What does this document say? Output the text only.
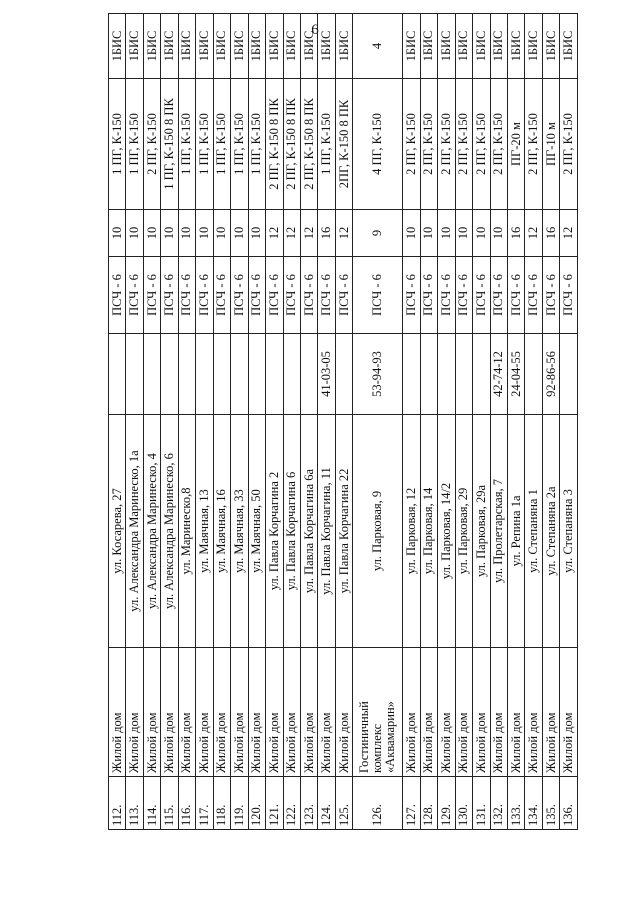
6
112.	Жилой дом	ул. Косарева, 27		ПСЧ - 6	10	1 ПГ, К-150	1БИС
113.	Жилой дом	ул. Александра Маринеско, 1а		ПСЧ - 6	10	1 ПГ, К-150	1БИС
114.	Жилой дом	ул. Александра Маринеско, 4		ПСЧ - 6	10	2 ПГ, К-150	1БИС
115.	Жилой дом	ул. Александра Маринеско, 6		ПСЧ - 6	10	1 ПГ, К-150 8 ПК	1БИС
116.	Жилой дом	ул. Маринеско,8		ПСЧ - 6	10	1 ПГ, К-150	1БИС
117.	Жилой дом	ул. Маячная, 13		ПСЧ - 6	10	1 ПГ, К-150	1БИС
118.	Жилой дом	ул. Маячная, 16		ПСЧ - 6	10	1 ПГ, К-150	1БИС
119.	Жилой дом	ул. Маячная, 33		ПСЧ - 6	10	1 ПГ, К-150	1БИС
120.	Жилой дом	ул. Маячная, 50		ПСЧ - 6	10	1 ПГ, К-150	1БИС
121.	Жилой дом	ул. Павла Корчагина 2		ПСЧ - 6	12	2 ПГ, К-150 8 ПК	1БИС
122.	Жилой дом	ул. Павла Корчагина 6		ПСЧ - 6	12	2 ПГ, К-150 8 ПК	1БИС
123.	Жилой дом	ул. Павла Корчагина 6а		ПСЧ - 6	12	2 ПГ, К-150 8 ПК	1БИС
124.	Жилой дом	ул. Павла Корчагина, 11	41-03-05	ПСЧ - 6	16	1 ПГ, К-150	1БИС
125.	Жилой дом	ул. Павла Корчагина 22		ПСЧ - 6	12	2ПГ, К-150 8 ПК	1БИС
126.	Гостиничный комплекс «Аквамарин»	ул. Парковая, 9	53-94-93	ПСЧ - 6	9	4 ПГ, К-150	4
127.	Жилой дом	ул. Парковая, 12		ПСЧ - 6	10	2 ПГ, К-150	1БИС
128.	Жилой дом	ул. Парковая, 14		ПСЧ - 6	10	2 ПГ, К-150	1БИС
129.	Жилой дом	ул. Парковая, 14/2		ПСЧ - 6	10	2 ПГ, К-150	1БИС
130.	Жилой дом	ул. Парковая, 29		ПСЧ - 6	10	2 ПГ, К-150	1БИС
131.	Жилой дом	ул. Парковая, 29а		ПСЧ - 6	10	2 ПГ, К-150	1БИС
132.	Жилой дом	ул. Пролетарская, 7	42-74-12	ПСЧ - 6	10	2 ПГ, К-150	1БИС
133.	Жилой дом	ул. Репина 1а	24-04-55	ПСЧ - 6	16	ПГ-20 м	1БИС
134.	Жилой дом	ул. Степаняна 1		ПСЧ - 6	12	2 ПГ, К-150	1БИС
135.	Жилой дом	ул. Степаняна 2а	92-86-56	ПСЧ - 6	16	ПГ-10 м	1БИС
136.	Жилой дом	ул. Степаняна 3		ПСЧ - 6	12	2 ПГ, К-150	1БИС
